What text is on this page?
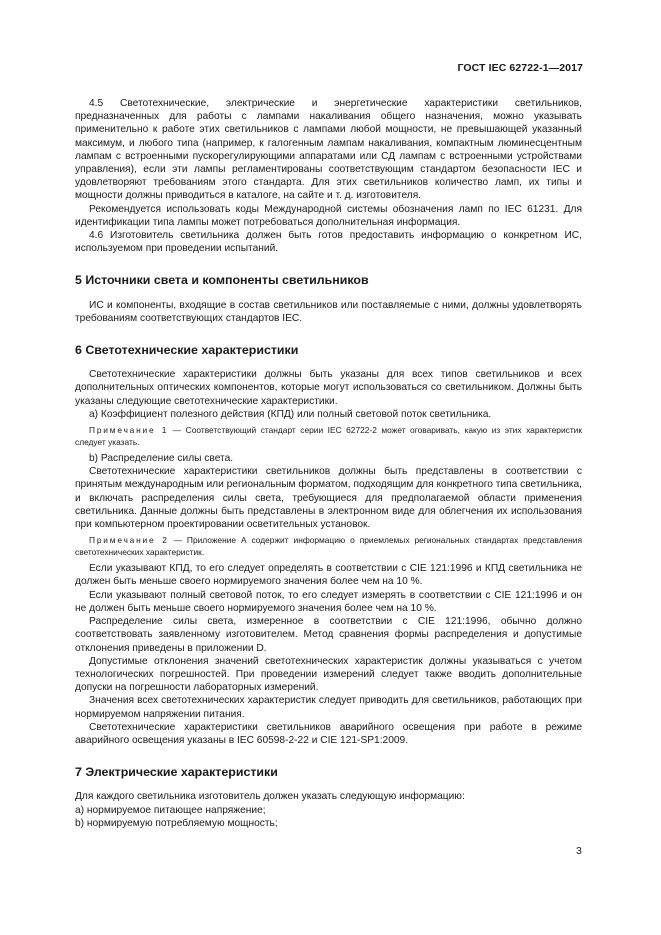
ГОСТ IEC 62722-1—2017

4.5 Светотехнические, электрические и энергетические характеристики светильников, предназначенных для работы с лампами накаливания общего назначения, можно указывать применительно к работе этих светильников с лампами любой мощности, не превышающей указанный максимум, и любого типа (например, к галогенным лампам накаливания, компактным люминесцентным лампам с встроенными пускорегулирующими аппаратами или СД лампам с встроенными устройствами управления), если эти лампы регламентированы соответствующим стандартом безопасности IEC и удовлетворяют требованиям этого стандарта. Для этих светильников количество ламп, их типы и мощности должны приводиться в каталоге, на сайте и т. д. изготовителя.

Рекомендуется использовать коды Международной системы обозначения ламп по IEC 61231. Для идентификации типа лампы может потребоваться дополнительная информация.

4.6 Изготовитель светильника должен быть готов предоставить информацию о конкретном ИС, используемом при проведении испытаний.

5 Источники света и компоненты светильников

ИС и компоненты, входящие в состав светильников или поставляемые с ними, должны удовлетворять требованиям соответствующих стандартов IEC.

6 Светотехнические характеристики

Светотехнические характеристики должны быть указаны для всех типов светильников и всех дополнительных оптических компонентов, которые могут использоваться со светильником. Должны быть указаны следующие светотехнические характеристики.

a) Коэффициент полезного действия (КПД) или полный световой поток светильника.

Примечание 1 — Соответствующий стандарт серии IEC 62722-2 может оговаривать, какую из этих характеристик следует указать.

b) Распределение силы света.

Светотехнические характеристики светильников должны быть представлены в соответствии с принятым международным или региональным форматом, подходящим для конкретного типа светильника, и включать распределения силы света, требующиеся для предполагаемой области применения светильника. Данные должны быть представлены в электронном виде для облегчения их использования при компьютерном проектировании осветительных установок.

Примечание 2 — Приложение А содержит информацию о приемлемых региональных стандартах представления светотехнических характеристик.

Если указывают КПД, то его следует определять в соответствии с CIE 121:1996 и КПД светильника не должен быть меньше своего нормируемого значения более чем на 10 %.

Если указывают полный световой поток, то его следует измерять в соответствии с CIE 121:1996 и он не должен быть меньше своего нормируемого значения более чем на 10 %.

Распределение силы света, измеренное в соответствии с CIE 121:1996, обычно должно соответствовать заявленному изготовителем. Метод сравнения формы распределения и допустимые отклонения приведены в приложении D.

Допустимые отклонения значений светотехнических характеристик должны указываться с учетом технологических погрешностей. При проведении измерений следует также вводить дополнительные допуски на погрешности лабораторных измерений.

Значения всех светотехнических характеристик следует приводить для светильников, работающих при нормируемом напряжении питания.

Светотехнические характеристики светильников аварийного освещения при работе в режиме аварийного освещения указаны в IEC 60598-2-22 и CIE 121-SP1:2009.

7 Электрические характеристики

Для каждого светильника изготовитель должен указать следующую информацию:

a) нормируемое питающее напряжение;

b) нормируемую потребляемую мощность;

3
